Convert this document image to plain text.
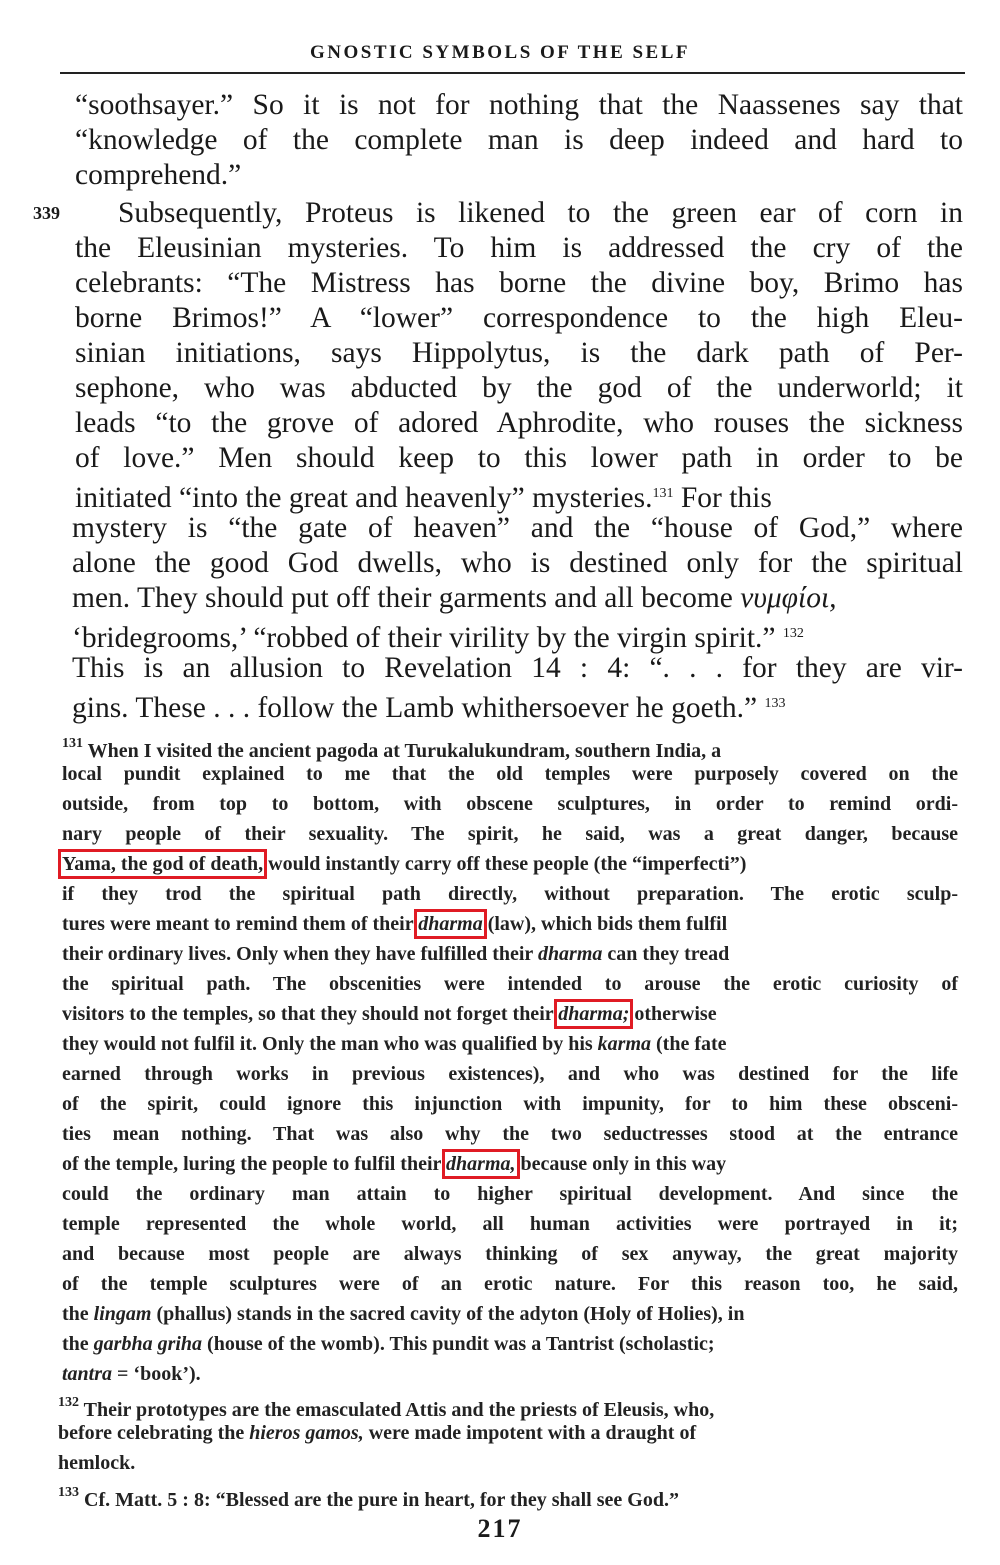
GNOSTIC SYMBOLS OF THE SELF
“soothsayer.” So it is not for nothing that the Naassenes say that
“knowledge of the complete man is deep indeed and hard to
comprehend.”
339 Subsequently, Proteus is likened to the green ear of corn in
the Eleusinian mysteries. To him is addressed the cry of the
celebrants: “The Mistress has borne the divine boy, Brimo has
borne Brimos!” A “lower” correspondence to the high Eleu-
sinian initiations, says Hippolytus, is the dark path of Per-
sephone, who was abducted by the god of the underworld; it
leads “to the grove of adored Aphrodite, who rouses the sickness
of love.” Men should keep to this lower path in order to be
initiated “into the great and heavenly” mysteries.$^{131}$ For this
mystery is “the gate of heaven” and the “house of God,” where
alone the good God dwells, who is destined only for the spiritual
men. They should put off their garments and all become νυμφίοι,
‘bridegrooms,’ “robbed of their virility by the virgin spirit.” $^{132}$
This is an allusion to Revelation 14 : 4: “. . . for they are vir-
gins. These . . . follow the Lamb whithersoever he goeth.” $^{133}$
$^{131}$ When I visited the ancient pagoda at Turukalukundram, southern India, a
local pundit explained to me that the old temples were purposely covered on the
outside, from top to bottom, with obscene sculptures, in order to remind ordi-
nary people of their sexuality. The spirit, he said, was a great danger, because
Yama, the god of death, would instantly carry off these people (the “imperfecti”)
if they trod the spiritual path directly, without preparation. The erotic sculp-
tures were meant to remind them of their dharma (law), which bids them fulfil
their ordinary lives. Only when they have fulfilled their dharma can they tread
the spiritual path. The obscenities were intended to arouse the erotic curiosity of
visitors to the temples, so that they should not forget their dharma; otherwise
they would not fulfil it. Only the man who was qualified by his karma (the fate
earned through works in previous existences), and who was destined for the life
of the spirit, could ignore this injunction with impunity, for to him these obsceni-
ties mean nothing. That was also why the two seductresses stood at the entrance
of the temple, luring the people to fulfil their dharma, because only in this way
could the ordinary man attain to higher spiritual development. And since the
temple represented the whole world, all human activities were portrayed in it;
and because most people are always thinking of sex anyway, the great majority
of the temple sculptures were of an erotic nature. For this reason too, he said,
the lingam (phallus) stands in the sacred cavity of the adyton (Holy of Holies), in
the garbha griha (house of the womb). This pundit was a Tantrist (scholastic;
tantra = ‘book’).
$^{132}$ Their prototypes are the emasculated Attis and the priests of Eleusis, who,
before celebrating the hieros gamos, were made impotent with a draught of
hemlock.
$^{133}$ Cf. Matt. 5 : 8: “Blessed are the pure in heart, for they shall see God.”
217
